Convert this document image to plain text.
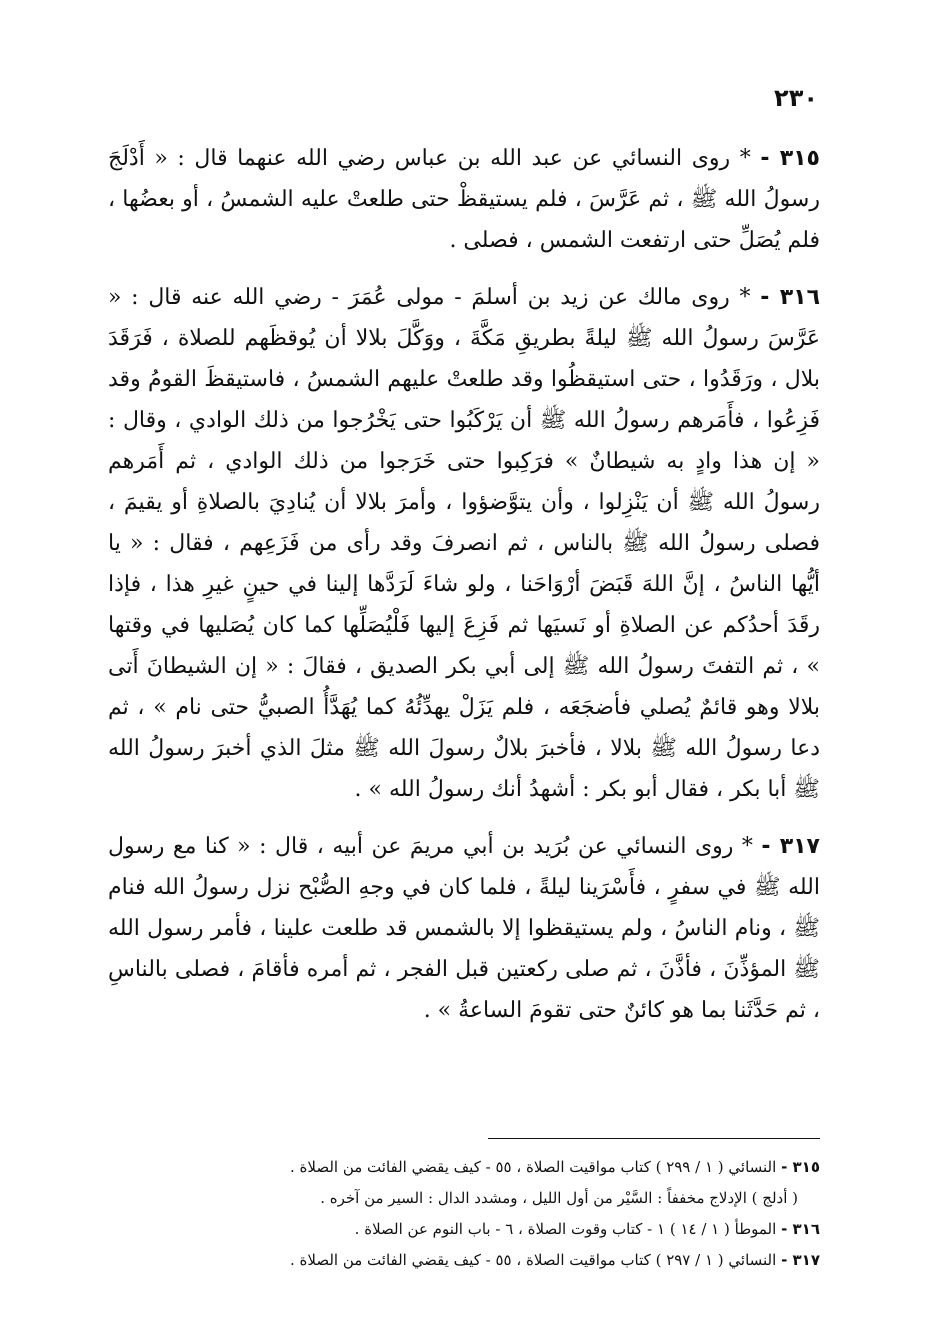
٢٣٠

٣١٥ - * روى النسائي عن عبد الله بن عباس رضي الله عنهما قال : « أَدْلَجَ رسولُ الله ﷺ ، ثم عَرَّسَ ، فلم يستيقظْ حتى طلعتْ عليه الشمسُ ، أو بعضُها ، فلم يُصَلِّ حتى ارتفعت الشمس ، فصلى .

٣١٦ - * روى مالك عن زيد بن أسلمَ - مولى عُمَرَ - رضي الله عنه قال : « عَرَّسَ رسولُ الله ﷺ ليلةً بطريقِ مَكَّةَ ، ووَكَّلَ بلالا أن يُوقظَهم للصلاة ، فَرَقَدَ بلال ، ورَقَدُوا ، حتى استيقظُوا وقد طلعتْ عليهم الشمسُ ، فاستيقظَ القومُ وقد فَزِعُوا ، فأَمَرهم رسولُ الله ﷺ أن يَرْكَبُوا حتى يَخْرُجوا من ذلك الوادي ، وقال : « إن هذا وادٍ به شيطانٌ » فرَكِبوا حتى خَرَجوا من ذلك الوادي ، ثم أَمَرهم رسولُ الله ﷺ أن يَنْزِلوا ، وأن يتوَّضؤوا ، وأمرَ بلالا أن يُنادِيَ بالصلاةِ أو يقيمَ ، فصلى رسولُ الله ﷺ بالناس ، ثم انصرفَ وقد رأى من فَزَعِهم ، فقال : « يا أيُّها الناسُ ، إنَّ اللهَ قَبَضَ أرْوَاحَنا ، ولو شاءَ لَرَدَّها إلينا في حينٍ غيرِ هذا ، فإذا رقَدَ أحدُكم عن الصلاةِ أو نَسيَها ثم فَزِعَ إليها فَلْيُصَلِّها كما كان يُصَليها في وقتها » ، ثم التفتَ رسولُ الله ﷺ إلى أبي بكر الصديق ، فقالَ : « إن الشيطانَ أَتى بلالا وهو قائمٌ يُصلي فأضجَعَه ، فلم يَزَلْ يهدِّئُهُ كما يُهَدَّأُ الصبيُّ حتى نام » ، ثم دعا رسولُ الله ﷺ بلالا ، فأخبرَ بلالٌ رسولَ الله ﷺ مثلَ الذي أخبرَ رسولُ الله ﷺ أبا بكر ، فقال أبو بكر : أشهدُ أنك رسولُ الله » .

٣١٧ - * روى النسائي عن بُرَيد بن أبي مريمَ عن أبيه ، قال : « كنا مع رسول الله ﷺ في سفرٍ ، فأَسْرَينا ليلةً ، فلما كان في وجهِ الصُّبْح نزل رسولُ الله فنام ﷺ ، ونام الناسُ ، ولم يستيقظوا إلا بالشمس قد طلعت علينا ، فأمر رسول الله ﷺ المؤذِّنَ ، فأذَّنَ ، ثم صلى ركعتين قبل الفجر ، ثم أمره فأقامَ ، فصلى بالناسِ ، ثم حَدَّثَنا بما هو كائنٌ حتى تقومَ الساعةُ » .

٣١٥ - النسائي ( ١ / ٢٩٩ ) كتاب مواقيت الصلاة ، ٥٥ - كيف يقضي الفائت من الصلاة .

( أدلج ) الإدلاج مخففاً : السَّيْر من أول الليل ، ومشدد الدال : السير من آخره .

٣١٦ - الموطأ ( ١ / ١٤ ) ١ - كتاب وقوت الصلاة ، ٦ - باب النوم عن الصلاة .

٣١٧ - النسائي ( ١ / ٢٩٧ ) كتاب مواقيت الصلاة ، ٥٥ - كيف يقضي الفائت من الصلاة .
